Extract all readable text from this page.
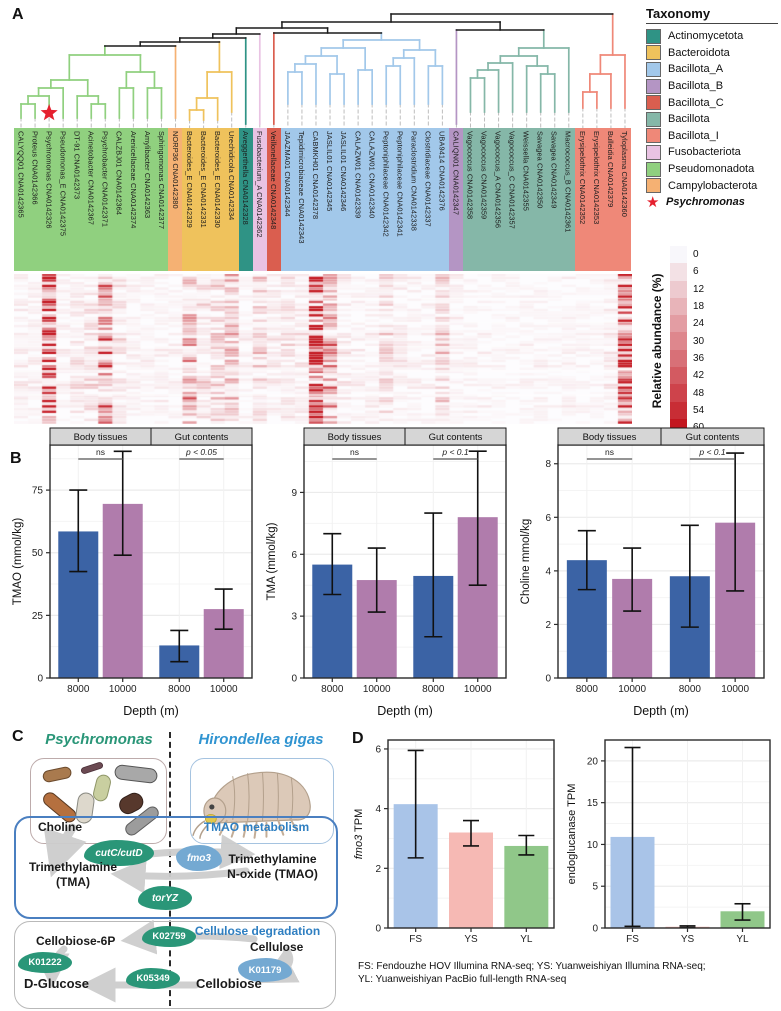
A
B
C	D
CALYQQ01 CNA0142365 Proteus CNA0142366 Psychromonas CNA0142326 Pseudomonas_E CNA0142375 DT-91 CNA0142373 Acinetobacter CNA0142367 Psychrobacter CNA0142371 CALZBJ01 CNA0142364 Arenicellaceae CNA0142374 Amylibacter CNA0142363 Sphingomonas CNA0142377 NORP36 CNA0142380 Bacteroides_E CNA0142329 Bacteroides_E CNA0142331 Bacteroides_E CNA0142330 Urechidicola CNA0142334 Aveggerthella CNA0142328 Fusobacterium_A CNA0142362 Veillonellaceae CNA0142348 JAAZMA01 CNA0142344 Tepidimicrobiaceae CNA0142343 CABMKH01 CNA0142378 JASLIL01 CNA0142345 JASLIL01 CNA0142346 CALAZW01 CNA0142339 CALAZW01 CNA0142340 Peptoniphilaceae CNA0142342 Peptoniphilaceae CNA0142341 Paraclostridium CNA0142338 Clostridiaceae CNA0142337 UBA9414 CNA0142376 CALIQN01 CNA0142347 Vagococcus CNA0142358 Vagococcus CNA0142359 Vagococcus_A CNA0142356 Vagococcus_C CNA0142357 Weissella CNA0142355 Savagea CNA0142350 Savagea CNA0142349 Macrococcus_B CNA0142361 Erysipelothrix CNA0142352 Erysipelothrix CNA0142353 Bulleidia CNA0142379 Tyloplasma CNA0142360
Taxonomy
Actinomycetota
Bacteroidota
Bacillota_A
Bacillota_B
Bacillota_C
Bacillota
Bacillota_I
Fusobacteriota
Pseudomonadota
Campylobacterota
★ Psychromonas
Relative abundance (%)
0
6
12
18
24
30
36
42
48
54
0
25
50
75
8000 10000	8000 10000
Depth (m)
TMAO (mmol/kg)
Body tissues	Gut contents
ns	p < 0.05
0
3
6
9
8000 10000	8000 10000
Depth (m)
TMA (mmol/kg)
Body tissues	Gut contents
ns	p < 0.1
0
2
4
6
8
8000 10000	8000 10000
Depth (m)
Choline mmol/kg
Body tissues	Gut contents
ns	p < 0.1
Psychromonas	Hirondellea gigas
Choline	TMAO metabolism
cutC/cutD	fmo3
Trimethylamine
(TMA)
torYZ
Trimethylamine
N-oxide (TMAO)
Cellobiose-6P	K02759 Cellulose degradation
Cellulose
K01179
K01222
D-Glucose	K05349	Cellobiose
0
2
4
6
FS	YS	YL
fmo3 TPM
0
5
10
15
20
FS	YS	YL
endoglucanase TPM
FS: Fendouzhe HOV Illumina RNA-seq; YS: Yuanweishiyan Illumina RNA-seq;
YL: Yuanweishiyan PacBio full-length RNA-seq
